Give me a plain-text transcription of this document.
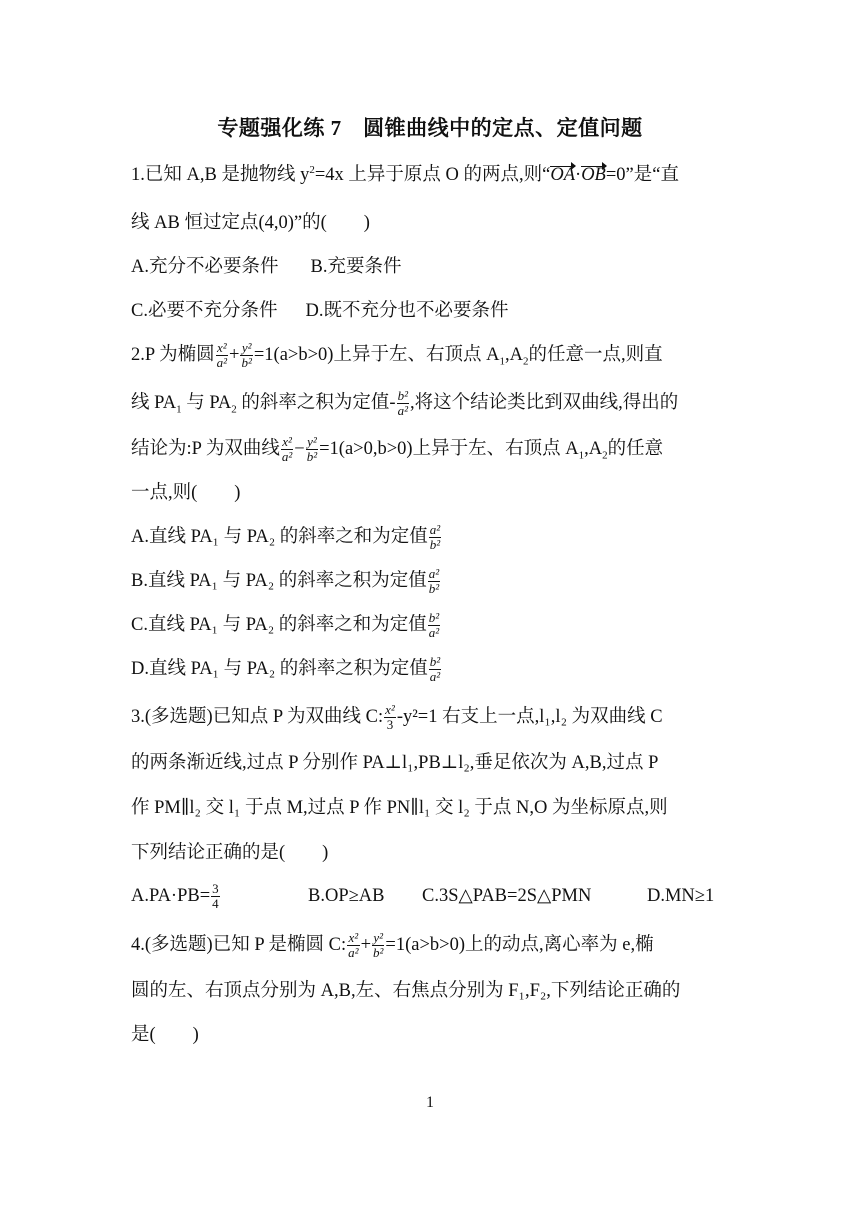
专题强化练 7　圆锥曲线中的定点、定值问题
1.已知 A,B 是抛物线 $y^2=4x$ 上异于原点 O 的两点,则“OA·OB=0”是“直
线 AB 恒过定点(4,0)”的(　　)
A.充分不必要条件 B.充要条件
C.必要不充分条件 D.既不充分也不必要条件
2.P 为椭圆 $\frac{\text{x²}}{\text{a²}} + \frac{\text{y²}}{\text{b²}} =1(a>b>0)$上异于左、右顶点 $A_1,A_2$的任意一点,则直
线 $PA_1$ 与 $PA_2$ 的斜率之积为定值- $\frac{\text{b²}}{\text{a²}}$ ,将这个结论类比到双曲线,得出的
结论为:P 为双曲线 $\frac{\text{x²}}{\text{a²}} - \frac{\text{y²}}{\text{b²}} =1(a>0,b>0)$上异于左、右顶点 $A_1,A_2$的任意
一点,则(　　)
A.直线 PA₁ 与 PA₂ 的斜率之和为定值 $\frac{\text{a²}}{\text{b²}}$
B.直线 PA₁ 与 PA₂ 的斜率之积为定值 $\frac{\text{a²}}{\text{b²}}$
C.直线 PA₁ 与 PA₂ 的斜率之和为定值 $\frac{\text{b²}}{\text{a²}}$
D.直线 PA₁ 与 PA₂ 的斜率之积为定值 $\frac{\text{b²}}{\text{a²}}$
3.(多选题)已知点 P 为双曲线 C: $\frac{\text{x²}}{3} -y^2=1$ 右支上一点,l₁,l₂ 为双曲线 C
的两条渐近线,过点 P 分别作 PA⊥l₁,PB⊥l₂,垂足依次为 A,B,过点 P
作 PM∥l₂ 交 l₁ 于点 M,过点 P 作 PN∥l₁ 交 l₂ 于点 N,O 为坐标原点,则
下列结论正确的是(　　)
$A.PA\cdot PB= \frac{3}{4}$	B.OP≥AB C.3S△PAB=2S△PMN	D.MN≥1
4.(多选题)已知 P 是椭圆 C: $\frac{\text{x²}}{\text{a²}} + \frac{\text{y²}}{\text{b²}} =1(a>b>0)$上的动点,离心率为 e,椭
圆的左、右顶点分别为 A,B,左、右焦点分别为 F₁,F₂,下列结论正确的
是(　　)
1
